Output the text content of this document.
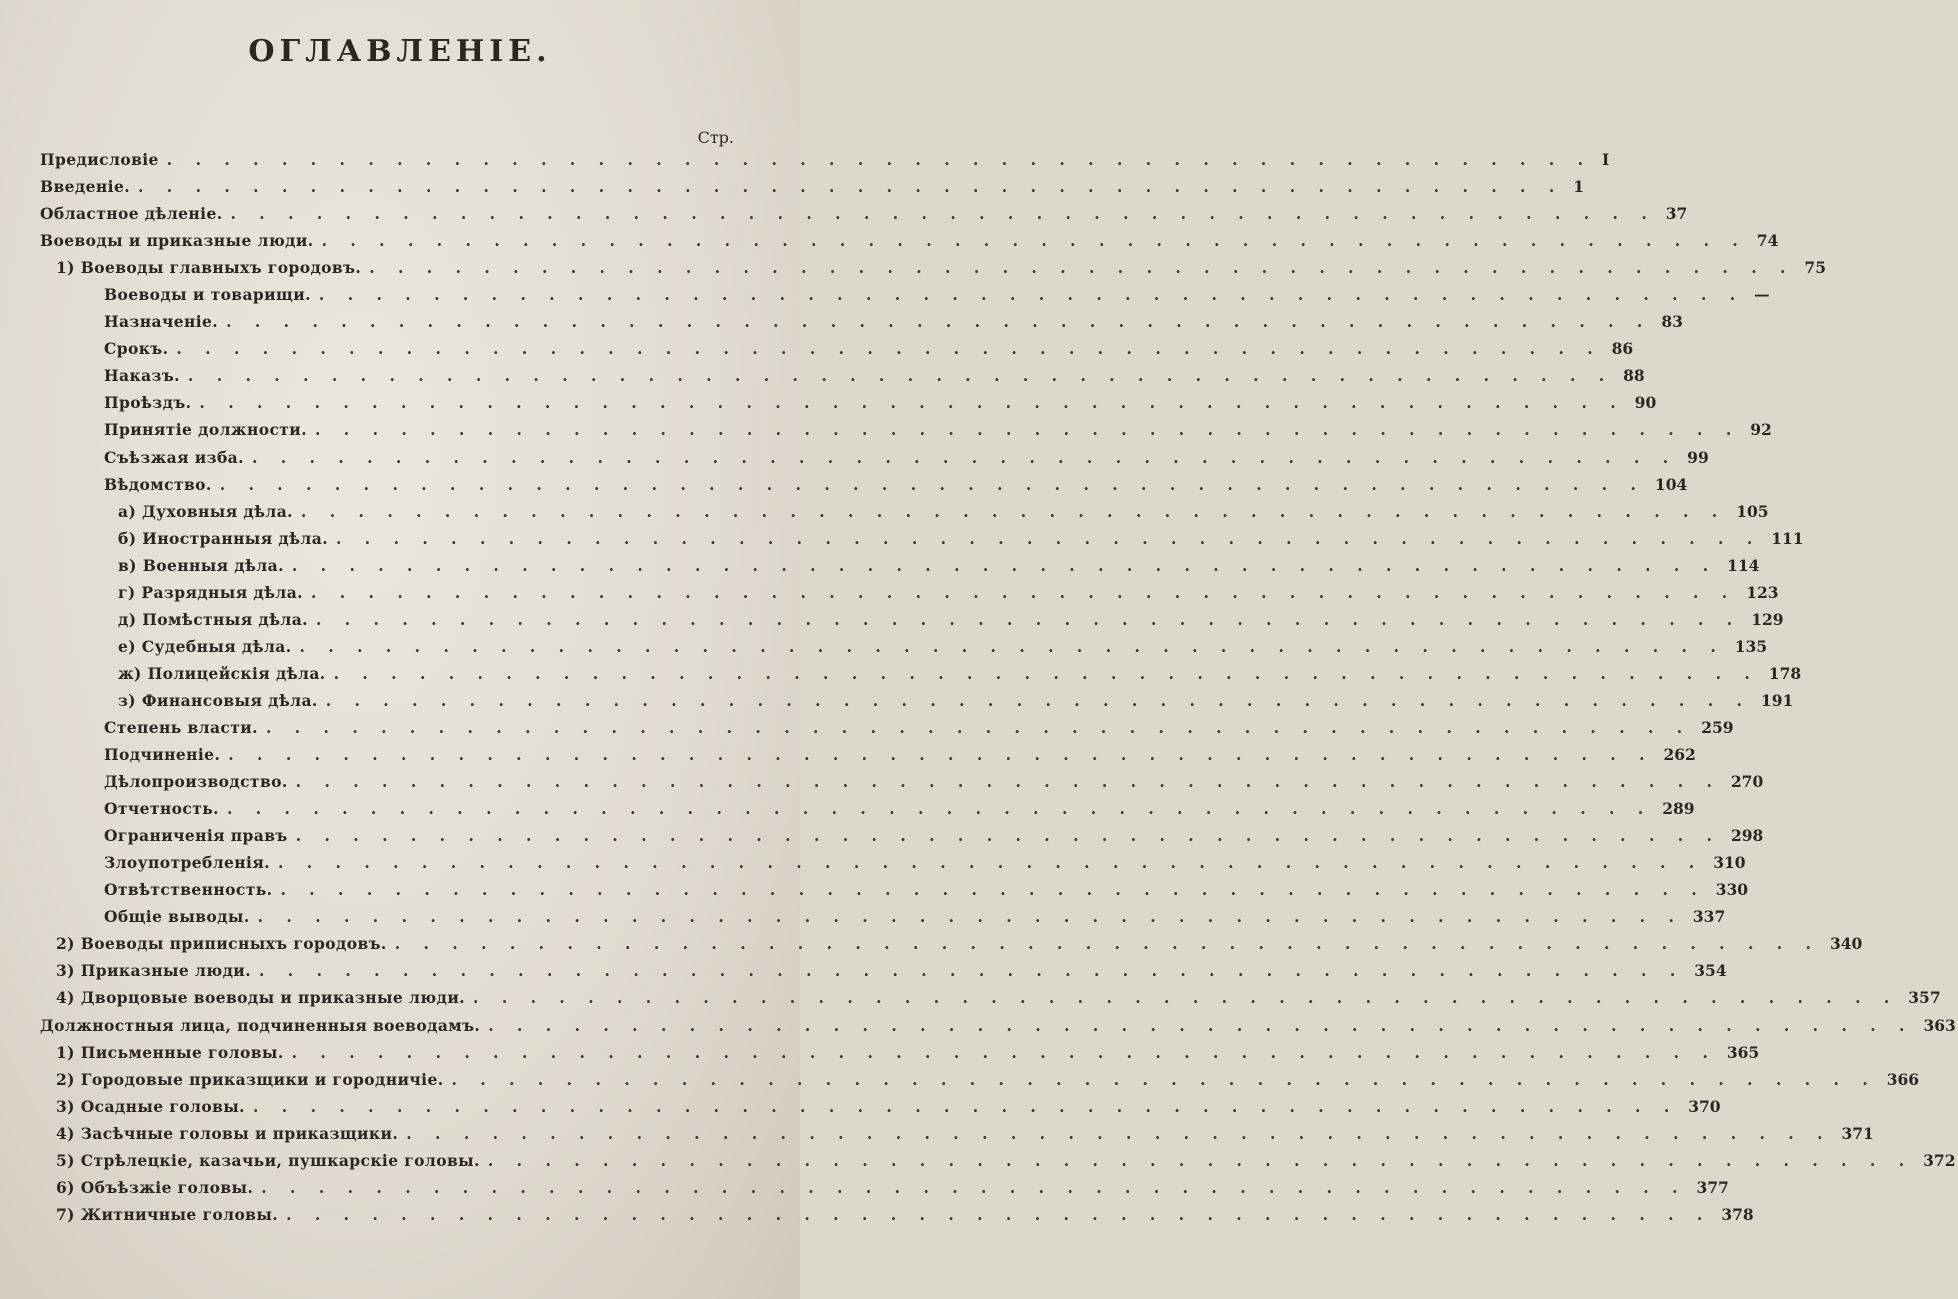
ОГЛАВЛЕНIЕ.
Стр.
Предисловiе . . . . . . . . . . . . . . . . . . . . . . . . . . . . . . . . . . . . . . . . . . . . . . . . . . I
Введенiе. . . . . . . . . . . . . . . . . . . . . . . . . . . . . . . . . . . . . . . . . . . . . . . . . . . 1
Областное дѣленiе. . . . . . . . . . . . . . . . . . . . . . . . . . . . . . . . . . . . . . . . . . . . . . . . . . . 37
Воеводы и приказные люди. . . . . . . . . . . . . . . . . . . . . . . . . . . . . . . . . . . . . . . . . . . . . . . . . . . 74
1) Воеводы главныхъ городовъ. . . . . . . . . . . . . . . . . . . . . . . . . . . . . . . . . . . . . . . . . . . . . . . . . . . 75
Воеводы и товарищи. . . . . . . . . . . . . . . . . . . . . . . . . . . . . . . . . . . . . . . . . . . . . . . . . . . —
Назначенiе. . . . . . . . . . . . . . . . . . . . . . . . . . . . . . . . . . . . . . . . . . . . . . . . . . . 83
Срокъ. . . . . . . . . . . . . . . . . . . . . . . . . . . . . . . . . . . . . . . . . . . . . . . . . . . 86
Наказъ. . . . . . . . . . . . . . . . . . . . . . . . . . . . . . . . . . . . . . . . . . . . . . . . . . . 88
Проѣздъ. . . . . . . . . . . . . . . . . . . . . . . . . . . . . . . . . . . . . . . . . . . . . . . . . . . 90
Принятiе должности. . . . . . . . . . . . . . . . . . . . . . . . . . . . . . . . . . . . . . . . . . . . . . . . . . . 92
Съѣзжая изба. . . . . . . . . . . . . . . . . . . . . . . . . . . . . . . . . . . . . . . . . . . . . . . . . . . 99
Вѣдомство. . . . . . . . . . . . . . . . . . . . . . . . . . . . . . . . . . . . . . . . . . . . . . . . . . . 104
а) Духовныя дѣла. . . . . . . . . . . . . . . . . . . . . . . . . . . . . . . . . . . . . . . . . . . . . . . . . . . 105
б) Иностранныя дѣла. . . . . . . . . . . . . . . . . . . . . . . . . . . . . . . . . . . . . . . . . . . . . . . . . . . 111
в) Военныя дѣла. . . . . . . . . . . . . . . . . . . . . . . . . . . . . . . . . . . . . . . . . . . . . . . . . . . 114
г) Разрядныя дѣла. . . . . . . . . . . . . . . . . . . . . . . . . . . . . . . . . . . . . . . . . . . . . . . . . . . 123
д) Помѣстныя дѣла. . . . . . . . . . . . . . . . . . . . . . . . . . . . . . . . . . . . . . . . . . . . . . . . . . . 129
е) Судебныя дѣла. . . . . . . . . . . . . . . . . . . . . . . . . . . . . . . . . . . . . . . . . . . . . . . . . . . 135
ж) Полицейскiя дѣла. . . . . . . . . . . . . . . . . . . . . . . . . . . . . . . . . . . . . . . . . . . . . . . . . . . 178
з) Финансовыя дѣла. . . . . . . . . . . . . . . . . . . . . . . . . . . . . . . . . . . . . . . . . . . . . . . . . . . 191
Степень власти. . . . . . . . . . . . . . . . . . . . . . . . . . . . . . . . . . . . . . . . . . . . . . . . . . . 259
Подчиненiе. . . . . . . . . . . . . . . . . . . . . . . . . . . . . . . . . . . . . . . . . . . . . . . . . . . 262
Дѣлопроизводство. . . . . . . . . . . . . . . . . . . . . . . . . . . . . . . . . . . . . . . . . . . . . . . . . . . 270
Отчетность. . . . . . . . . . . . . . . . . . . . . . . . . . . . . . . . . . . . . . . . . . . . . . . . . . . 289
Ограниченiя правъ . . . . . . . . . . . . . . . . . . . . . . . . . . . . . . . . . . . . . . . . . . . . . . . . . . 298
Злоупотребленiя. . . . . . . . . . . . . . . . . . . . . . . . . . . . . . . . . . . . . . . . . . . . . . . . . . . 310
Отвѣтственность. . . . . . . . . . . . . . . . . . . . . . . . . . . . . . . . . . . . . . . . . . . . . . . . . . . 330
Общiе выводы. . . . . . . . . . . . . . . . . . . . . . . . . . . . . . . . . . . . . . . . . . . . . . . . . . . 337
2) Воеводы приписныхъ городовъ. . . . . . . . . . . . . . . . . . . . . . . . . . . . . . . . . . . . . . . . . . . . . . . . . . . 340
3) Приказные люди. . . . . . . . . . . . . . . . . . . . . . . . . . . . . . . . . . . . . . . . . . . . . . . . . . . 354
4) Дворцовые воеводы и приказные люди. . . . . . . . . . . . . . . . . . . . . . . . . . . . . . . . . . . . . . . . . . . . . . . . . . . 357
Должностныя лица, подчиненныя воеводамъ. . . . . . . . . . . . . . . . . . . . . . . . . . . . . . . . . . . . . . . . . . . . . . . . . . . 363
1) Письменные головы. . . . . . . . . . . . . . . . . . . . . . . . . . . . . . . . . . . . . . . . . . . . . . . . . . . 365
2) Городовые приказщики и городничiе. . . . . . . . . . . . . . . . . . . . . . . . . . . . . . . . . . . . . . . . . . . . . . . . . . . 366
3) Осадные головы. . . . . . . . . . . . . . . . . . . . . . . . . . . . . . . . . . . . . . . . . . . . . . . . . . . 370
4) Засѣчные головы и приказщики. . . . . . . . . . . . . . . . . . . . . . . . . . . . . . . . . . . . . . . . . . . . . . . . . . . 371
5) Стрѣлецкiе, казачьи, пушкарскiе головы. . . . . . . . . . . . . . . . . . . . . . . . . . . . . . . . . . . . . . . . . . . . . . . . . . . 372
6) Объѣзжiе головы. . . . . . . . . . . . . . . . . . . . . . . . . . . . . . . . . . . . . . . . . . . . . . . . . . . 377
7) Житничные головы. . . . . . . . . . . . . . . . . . . . . . . . . . . . . . . . . . . . . . . . . . . . . . . . . . . 378
